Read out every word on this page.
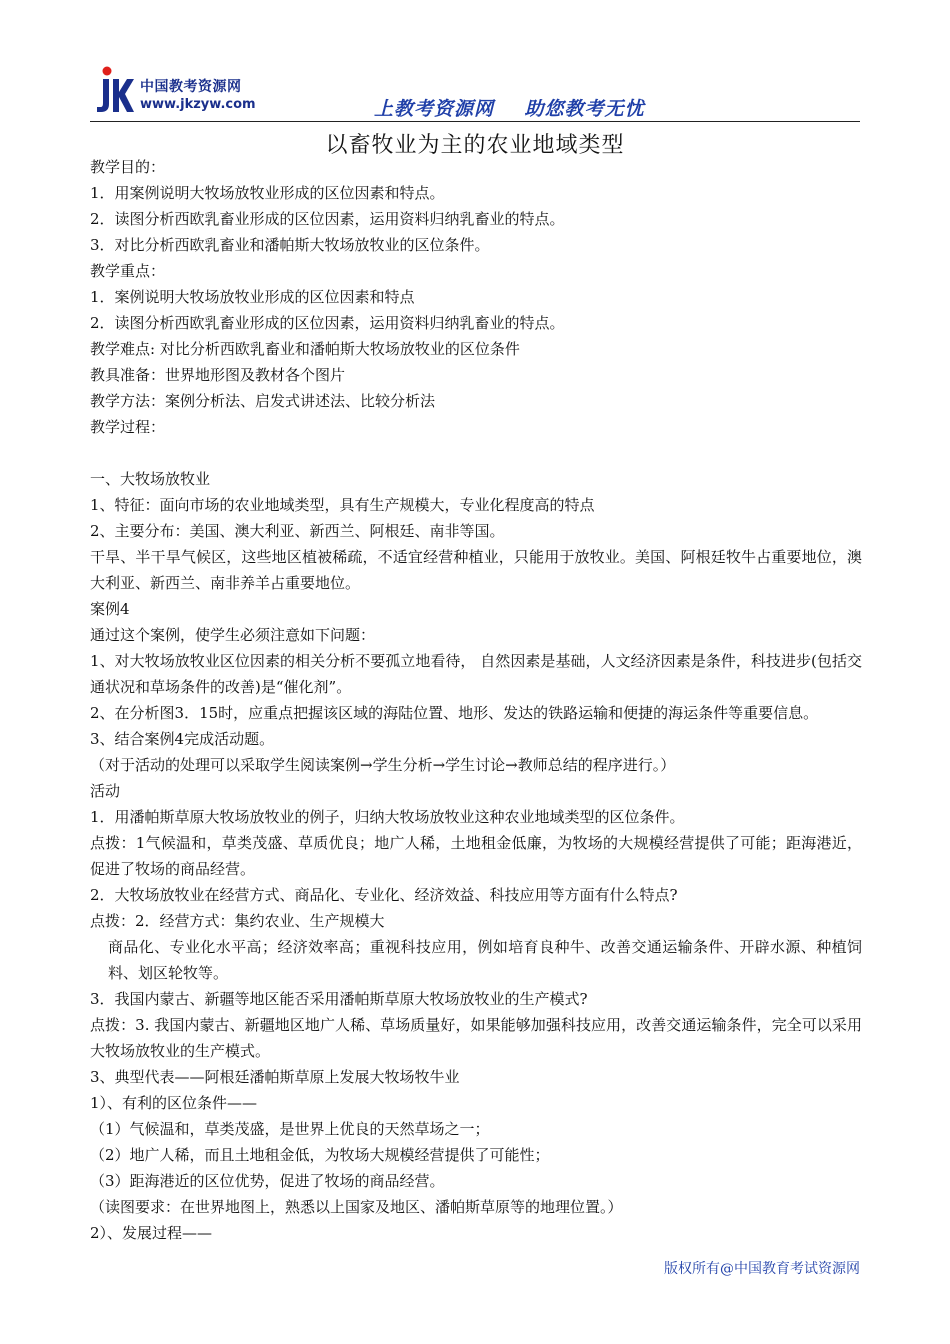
中国教考资源网
www.jkzyw.com	上教考资源网    助您教考无忧
以畜牧业为主的农业地域类型
教学目的：
1．用案例说明大牧场放牧业形成的区位因素和特点。
2．读图分析西欧乳畜业形成的区位因素，运用资料归纳乳畜业的特点。
3．对比分析西欧乳畜业和潘帕斯大牧场放牧业的区位条件。
教学重点：
1．案例说明大牧场放牧业形成的区位因素和特点
2．读图分析西欧乳畜业形成的区位因素，运用资料归纳乳畜业的特点。
教学难点: 对比分析西欧乳畜业和潘帕斯大牧场放牧业的区位条件
教具准备：世界地形图及教材各个图片
教学方法：案例分析法、启发式讲述法、比较分析法
教学过程：
一、大牧场放牧业
1、特征：面向市场的农业地域类型，具有生产规模大，专业化程度高的特点
2、主要分布：美国、澳大利亚、新西兰、阿根廷、南非等国。
干旱、半干旱气候区，这些地区植被稀疏，不适宜经营种植业，只能用于放牧业。美国、阿根廷牧牛占重要地位，澳大利亚、新西兰、南非养羊占重要地位。
案例4
通过这个案例，使学生必须注意如下问题：
1、对大牧场放牧业区位因素的相关分析不要孤立地看待， 自然因素是基础，人文经济因素是条件，科技进步(包括交通状况和草场条件的改善)是“催化剂”。
2、在分析图3．15时，应重点把握该区域的海陆位置、地形、发达的铁路运输和便捷的海运条件等重要信息。
3、结合案例4完成活动题。
（对于活动的处理可以采取学生阅读案例→学生分析→学生讨论→教师总结的程序进行。）
活动
1．用潘帕斯草原大牧场放牧业的例子，归纳大牧场放牧业这种农业地域类型的区位条件。
点拨：1气候温和，草类茂盛、草质优良；地广人稀，土地租金低廉，为牧场的大规模经营提供了可能；距海港近，促进了牧场的商品经营。
2．大牧场放牧业在经营方式、商品化、专业化、经济效益、科技应用等方面有什么特点?
点拨：2．经营方式：集约农业、生产规模大
商品化、专业化水平高；经济效率高；重视科技应用，例如培育良种牛、改善交通运输条件、开辟水源、种植饲料、划区轮牧等。
3．我国内蒙古、新疆等地区能否采用潘帕斯草原大牧场放牧业的生产模式?
点拨：3. 我国内蒙古、新疆地区地广人稀、草场质量好，如果能够加强科技应用，改善交通运输条件，完全可以采用大牧场放牧业的生产模式。
3、典型代表——阿根廷潘帕斯草原上发展大牧场牧牛业
1）、有利的区位条件——
（1）气候温和，草类茂盛，是世界上优良的天然草场之一；
（2）地广人稀，而且土地租金低，为牧场大规模经营提供了可能性；
（3）距海港近的区位优势，促进了牧场的商品经营。
（读图要求：在世界地图上，熟悉以上国家及地区、潘帕斯草原等的地理位置。）
2）、发展过程——
版权所有@中国教育考试资源网
